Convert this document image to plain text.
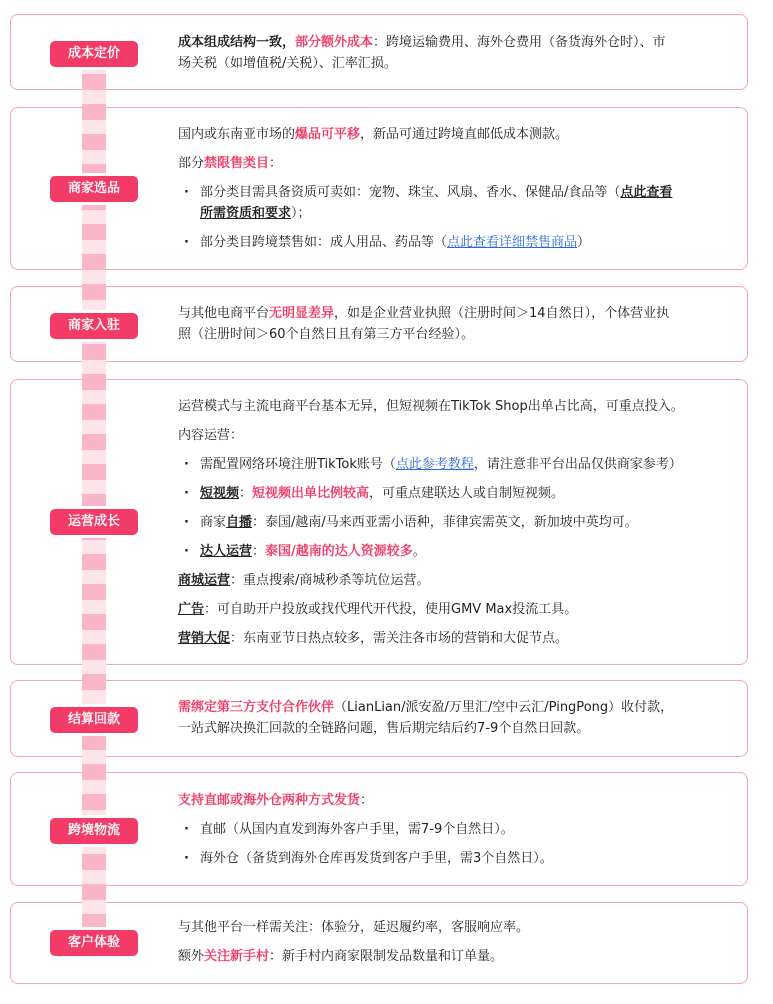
成本定价

成本组成结构一致，部分额外成本：跨境运输费用、海外仓费用（备货海外仓时）、市

场关税（如增值税/关税）、汇率汇损。

商家选品

国内或东南亚市场的爆品可平移，新品可通过跨境直邮低成本测款。

部分禁限售类目：

· 部分类目需具备资质可卖如：宠物、珠宝、风扇、香水、保健品/食品等（点此查看

所需资质和要求）；

· 部分类目跨境禁售如：成人用品、药品等（点此查看详细禁售商品）

商家入驻

与其他电商平台无明显差异，如是企业营业执照（注册时间＞14自然日），个体营业执

照（注册时间＞60个自然日且有第三方平台经验）。

运营成长

运营模式与主流电商平台基本无异，但短视频在TikTok Shop出单占比高，可重点投入。

内容运营：

· 需配置网络环境注册TikTok账号（点此参考教程，请注意非平台出品仅供商家参考）

· 短视频：短视频出单比例较高，可重点建联达人或自制短视频。

· 商家自播：泰国/越南/马来西亚需小语种，菲律宾需英文，新加坡中英均可。

· 达人运营：泰国/越南的达人资源较多。

商城运营：重点搜索/商城秒杀等坑位运营。

广告：可自助开户投放或找代理代开代投，使用GMV Max投流工具。

营销大促：东南亚节日热点较多，需关注各市场的营销和大促节点。

结算回款

需绑定第三方支付合作伙伴（LianLian/派安盈/万里汇/空中云汇/PingPong）收付款，

一站式解决换汇回款的全链路问题，售后期完结后约7-9个自然日回款。

跨境物流

支持直邮或海外仓两种方式发货：

· 直邮（从国内直发到海外客户手里，需7-9个自然日）。

· 海外仓（备货到海外仓库再发货到客户手里，需3个自然日）。

客户体验

与其他平台一样需关注：体验分，延迟履约率，客服响应率。

额外关注新手村：新手村内商家限制发品数量和订单量。
